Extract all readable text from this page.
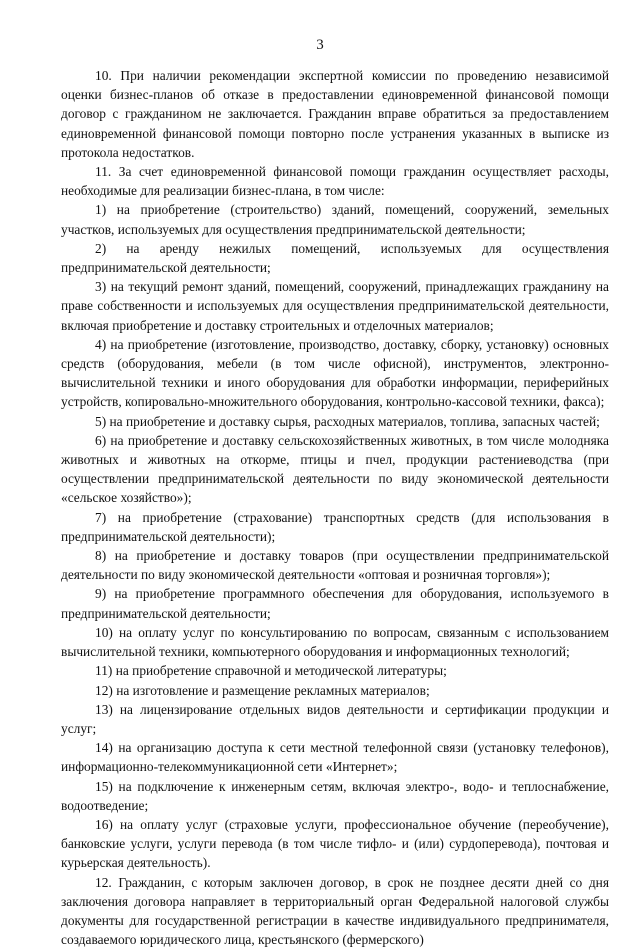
3

10. При наличии рекомендации экспертной комиссии по проведению независимой оценки бизнес-планов об отказе в предоставлении единовременной финансовой помощи договор с гражданином не заключается. Гражданин вправе обратиться за предоставлением единовременной финансовой помощи повторно после устранения указанных в выписке из протокола недостатков.

11. За счет единовременной финансовой помощи гражданин осуществляет расходы, необходимые для реализации бизнес-плана, в том числе:

1) на приобретение (строительство) зданий, помещений, сооружений, земельных участков, используемых для осуществления предпринимательской деятельности;

2) на аренду нежилых помещений, используемых для осуществления предпринимательской деятельности;

3) на текущий ремонт зданий, помещений, сооружений, принадлежащих гражданину на праве собственности и используемых для осуществления предпринимательской деятельности, включая приобретение и доставку строительных и отделочных материалов;

4) на приобретение (изготовление, производство, доставку, сборку, установку) основных средств (оборудования, мебели (в том числе офисной), инструментов, электронно-вычислительной техники и иного оборудования для обработки информации, периферийных устройств, копировально-множительного оборудования, контрольно-кассовой техники, факса);

5) на приобретение и доставку сырья, расходных материалов, топлива, запасных частей;

6) на приобретение и доставку сельскохозяйственных животных, в том числе молодняка животных и животных на откорме, птицы и пчел, продукции растениеводства (при осуществлении предпринимательской деятельности по виду экономической деятельности «сельское хозяйство»);

7) на приобретение (страхование) транспортных средств (для использования в предпринимательской деятельности);

8) на приобретение и доставку товаров (при осуществлении предпринимательской деятельности по виду экономической деятельности «оптовая и розничная торговля»);

9) на приобретение программного обеспечения для оборудования, используемого в предпринимательской деятельности;

10) на оплату услуг по консультированию по вопросам, связанным с использованием вычислительной техники, компьютерного оборудования и информационных технологий;

11) на приобретение справочной и методической литературы;

12) на изготовление и размещение рекламных материалов;

13) на лицензирование отдельных видов деятельности и сертификации продукции и услуг;

14) на организацию доступа к сети местной телефонной связи (установку телефонов), информационно-телекоммуникационной сети «Интернет»;

15) на подключение к инженерным сетям, включая электро-, водо- и теплоснабжение, водоотведение;

16) на оплату услуг (страховые услуги, профессиональное обучение (переобучение), банковские услуги, услуги перевода (в том числе тифло- и (или) сурдоперевода), почтовая и курьерская деятельность).

12. Гражданин, с которым заключен договор, в срок не позднее десяти дней со дня заключения договора направляет в территориальный орган Федеральной налоговой службы документы для государственной регистрации в качестве индивидуального предпринимателя, создаваемого юридического лица, крестьянского (фермерского)
